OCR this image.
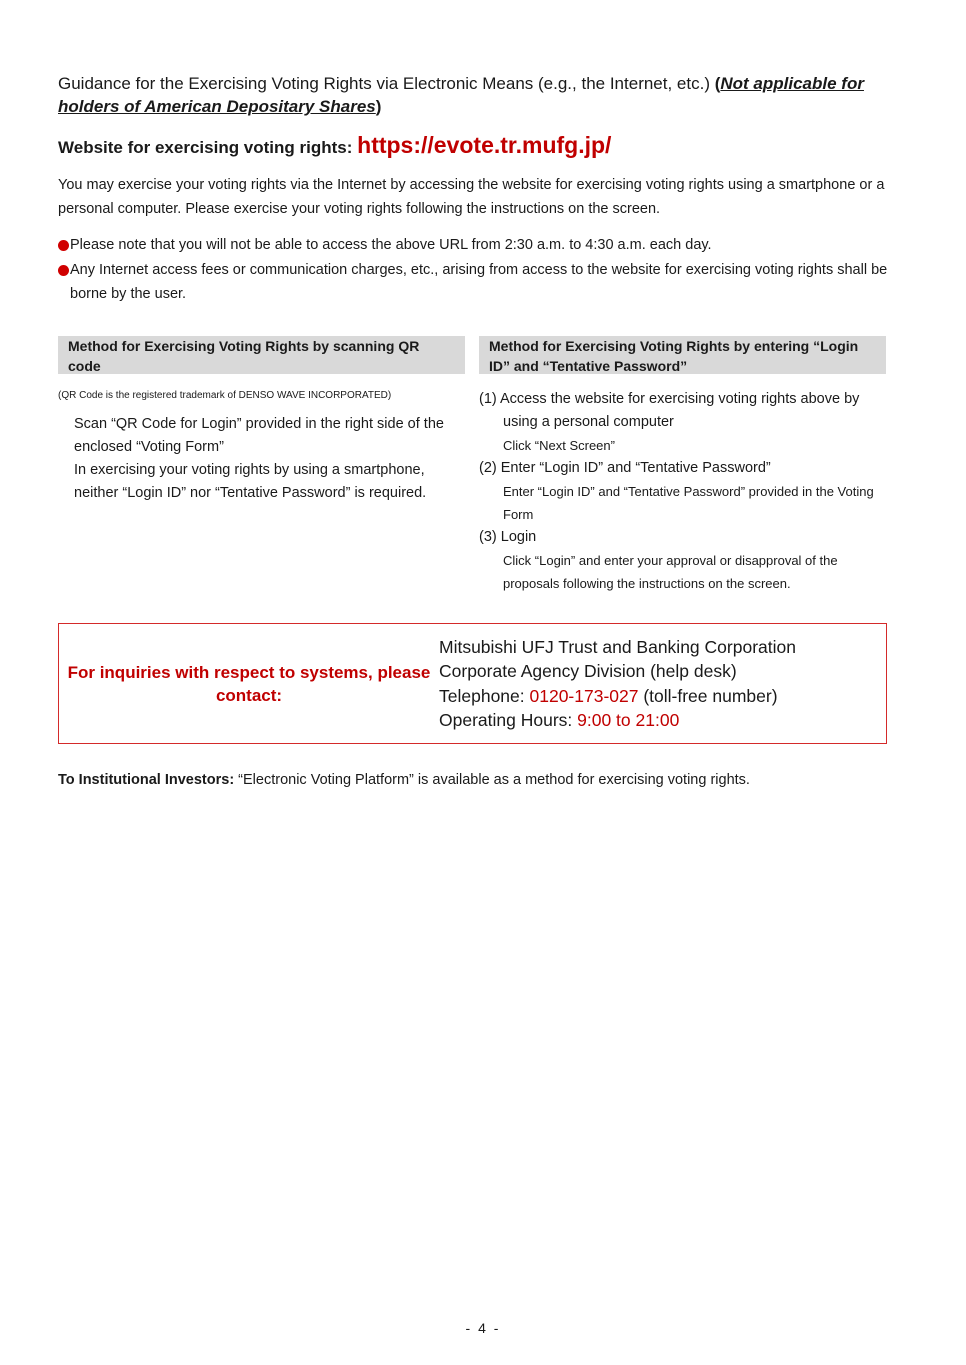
Guidance for the Exercising Voting Rights via Electronic Means (e.g., the Internet, etc.) (Not applicable for holders of American Depositary Shares)
Website for exercising voting rights: https://evote.tr.mufg.jp/
You may exercise your voting rights via the Internet by accessing the website for exercising voting rights using a smartphone or a personal computer. Please exercise your voting rights following the instructions on the screen.
Please note that you will not be able to access the above URL from 2:30 a.m. to 4:30 a.m. each day.
Any Internet access fees or communication charges, etc., arising from access to the website for exercising voting rights shall be borne by the user.
Method for Exercising Voting Rights by scanning QR code
(QR Code is the registered trademark of DENSO WAVE INCORPORATED)
Scan “QR Code for Login” provided in the right side of the enclosed “Voting Form”
In exercising your voting rights by using a smartphone, neither “Login ID” nor “Tentative Password” is required.
Method for Exercising Voting Rights by entering “Login ID” and “Tentative Password”
(1) Access the website for exercising voting rights above by
using a personal computer
Click “Next Screen”
(2) Enter “Login ID” and “Tentative Password”
Enter “Login ID” and “Tentative Password” provided in the Voting Form
(3) Login
Click “Login” and enter your approval or disapproval of the proposals following the instructions on the screen.
For inquiries with respect to systems, please contact:
Mitsubishi UFJ Trust and Banking Corporation
Corporate Agency Division (help desk)
Telephone: 0120-173-027 (toll-free number)
Operating Hours: 9:00 to 21:00
To Institutional Investors: “Electronic Voting Platform” is available as a method for exercising voting rights.
- 4 -
